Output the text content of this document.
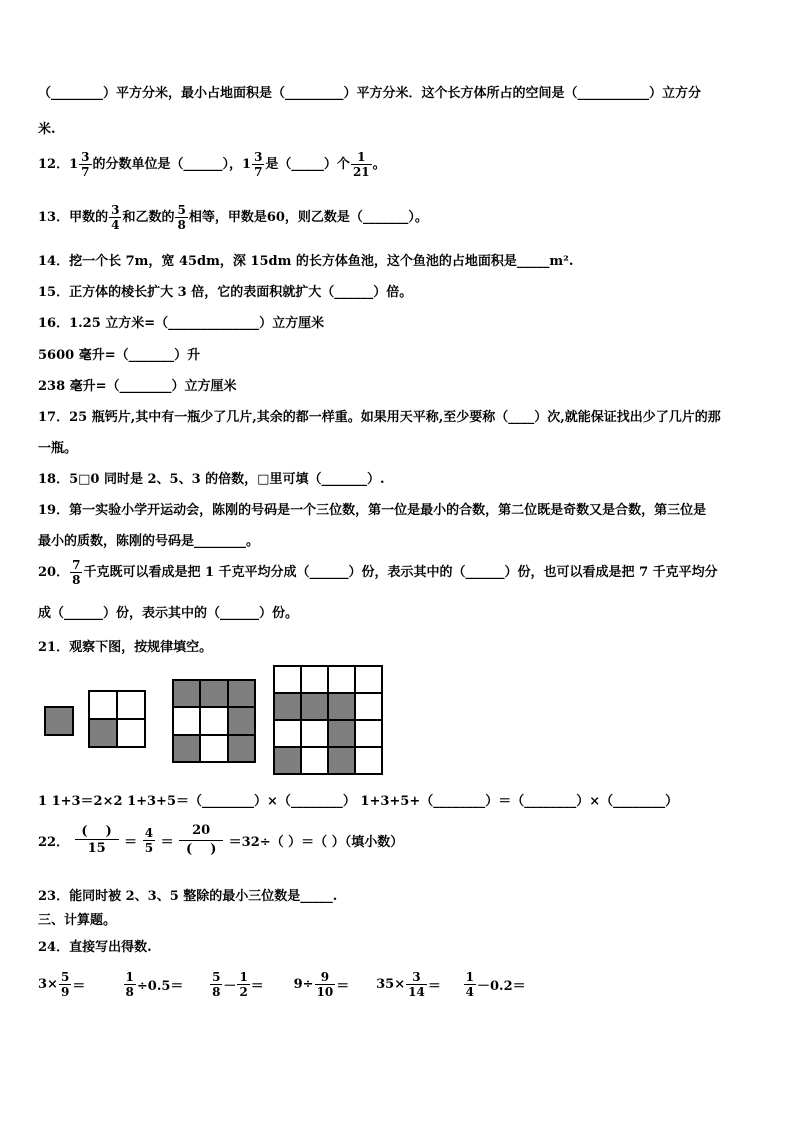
（________）平方分米，最小占地面积是（_________）平方分米．这个长方体所占的空间是（___________）立方分
米.
12．$1 \frac{3}{7}$ 的分数单位是（______），$1 \frac{3}{7}$ 是（_____）个 $\frac{1}{21}$ 。
13．甲数的 $\frac{3}{4}$ 和乙数的 $\frac{5}{8}$ 相等，甲数是60，则乙数是（_______）。
14．挖一个长 7m，宽 45dm，深 15dm 的长方体鱼池，这个鱼池的占地面积是_____m².
15．正方体的棱长扩大 3 倍，它的表面积就扩大（______）倍。
16．1.25 立方米=（______________）立方厘米
5600 毫升=（_______）升
238 毫升=（________）立方厘米
17．25 瓶钙片,其中有一瓶少了几片,其余的都一样重。如果用天平称,至少要称（____）次,就能保证找出少了几片的那
一瓶。
18．5□0 同时是 2、5、3 的倍数，□里可填（_______）.
19．第一实验小学开运动会，陈刚的号码是一个三位数，第一位是最小的合数，第二位既是奇数又是合数，第三位是
最小的质数，陈刚的号码是________。
20． $\frac{7}{8}$ 千克既可以看成是把 1 千克平均分成（______）份，表示其中的（______）份，也可以看成是把 7 千克平均分
成（______）份，表示其中的（______）份。
21．观察下图，按规律填空。
1 1+3＝2×2 1+3+5＝（________）×（________） 1+3+5+（________）＝（________）×（________）
22． $\frac{( )}{15} = \frac{4}{5} = \frac{20}{( )} =32\div$（ ）＝（ ）（填小数）
23．能同时被 2、3、5 整除的最小三位数是_____.
三、计算题。
24．直接写出得数.
$3\times \frac{5}{9}$ ＝	$\frac{1}{8} \div 0.5= \frac{5}{8} - \frac{1}{2} = 9\div \frac{9}{10} = 35\times \frac{3}{14} = \frac{1}{4} -0.2=$
